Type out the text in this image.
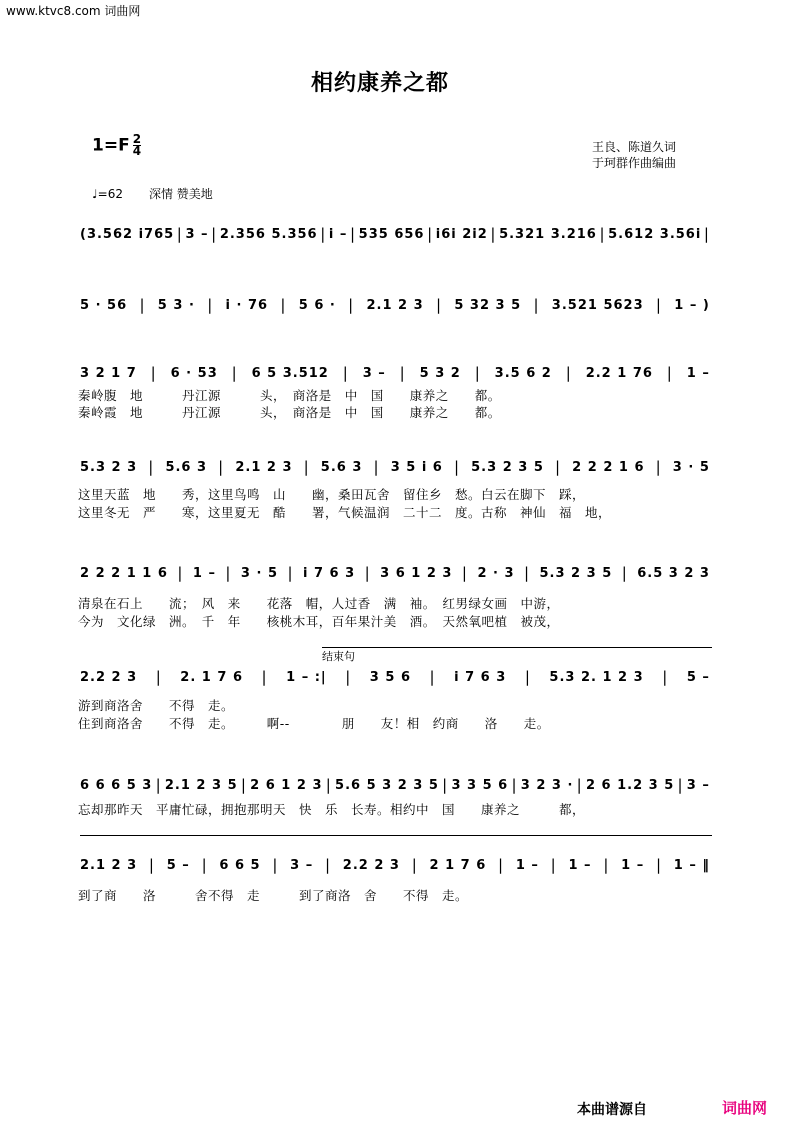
www.ktvc8.com 词曲网
相约康养之都
$1=F \frac{2}{4}$	王良、陈道久词
于珂群作曲编曲
♩=62 深情 赞美地
(3.562 i765 | 3 – | 2.356 5.356 | i – | 535 656 | i6i 2i2 | 5.321 3.216 | 5.612 3.56i |
5 · 56 | 5 3 · | i · 76 | 5 6 · | 2.1 2 3 | 5 32 3 5 | 3.521 5623 | 1 – )
3 2 1 7 | 6 · 53 | 6 5 3.512 | 3 – | 5 3 2 | 3.5 6 2 | 2.2 1 76 | 1 –
秦岭腹　地　　　丹江源　　　头，　商洛是　中　国　　康养之　　都。
秦岭霞　地　　　丹江源　　　头，　商洛是　中　国　　康养之　　都。
5.3 2 3 | 5.6 3 | 2.1 2 3 | 5.6 3 | 3 5 i 6 | 5.3 2 3 5 | 2 2 2 1 6 | 3 · 5
这里天蓝　地　　秀，这里鸟鸣　山　　幽，桑田瓦舍　留住乡　愁。白云在脚下　踩，
这里冬无　严　　寒，这里夏无　酷　　署，气候温润　二十二　度。古称　神仙　福　地，
2 2 2 1 1 6 | 1 – | 3 · 5 | i 7 6 3 | 3 6 1 2 3 | 2 · 3 | 5.3 2 3 5 | 6.5 3 2 3
清泉在石上　　流；　风　来　　花落　帽，人过香　满　袖。　红男绿女画　中游，
今为　文化绿　洲。　千　年　　核桃木耳，百年果汁美　酒。　天然氧吧植　被茂，
2.2 2 3 | 2. 1 7 6 | 1 – :| | 3 5 6 | i 7 6 3 | 5.3 2. 1 2 3 | 5 –
游到商洛舍　　不得　走。
住到商洛舍　　不得　走。　　　啊--　　　　朋　　友！相　约商　　洛　　走。
6 6 6 5 3 | 2.1 2 3 5 | 2 6 1 2 3 | 5.6 5 3 2 3 5 | 3 3 5 6 | 3 2 3 · | 2 6 1.2 3 5 | 3 –
忘却那昨天　平庸忙碌，拥抱那明天　快　乐　长寿。相约中　国　　康养之　　　都，
2.1 2 3 | 5 – | 6 6 5 | 3 – | 2.2 2 3 | 2 1 7 6 | 1 – | 1 – | 1 – | 1 – ‖
到了商　　洛　　　舍不得　走　　　到了商洛　舍　　不得　走。
结束句
本曲谱源自	词曲网
